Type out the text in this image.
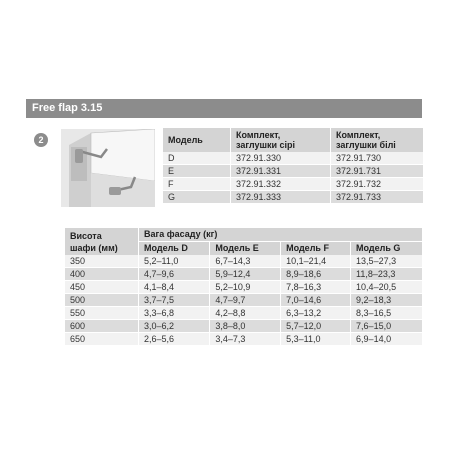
Free flap 3.15
2	Модель	Комплект,
заглушки сірі	Комплект,
заглушки білі
D	372.91.330	372.91.730
E	372.91.331	372.91.731
F	372.91.332	372.91.732
G	372.91.333	372.91.733
Висота
шафи (мм)	Вага фасаду (кг)			
	Модель D	Модель E	Модель F	Модель G
350	5,2–11,0	6,7–14,3	10,1–21,4	13,5–27,3
400	4,7–9,6	5,9–12,4	8,9–18,6	11,8–23,3
450	4,1–8,4	5,2–10,9	7,8–16,3	10,4–20,5
500	3,7–7,5	4,7–9,7	7,0–14,6	9,2–18,3
550	3,3–6,8	4,2–8,8	6,3–13,2	8,3–16,5
600	3,0–6,2	3,8–8,0	5,7–12,0	7,6–15,0
650	2,6–5,6	3,4–7,3	5,3–11,0	6,9–14,0
